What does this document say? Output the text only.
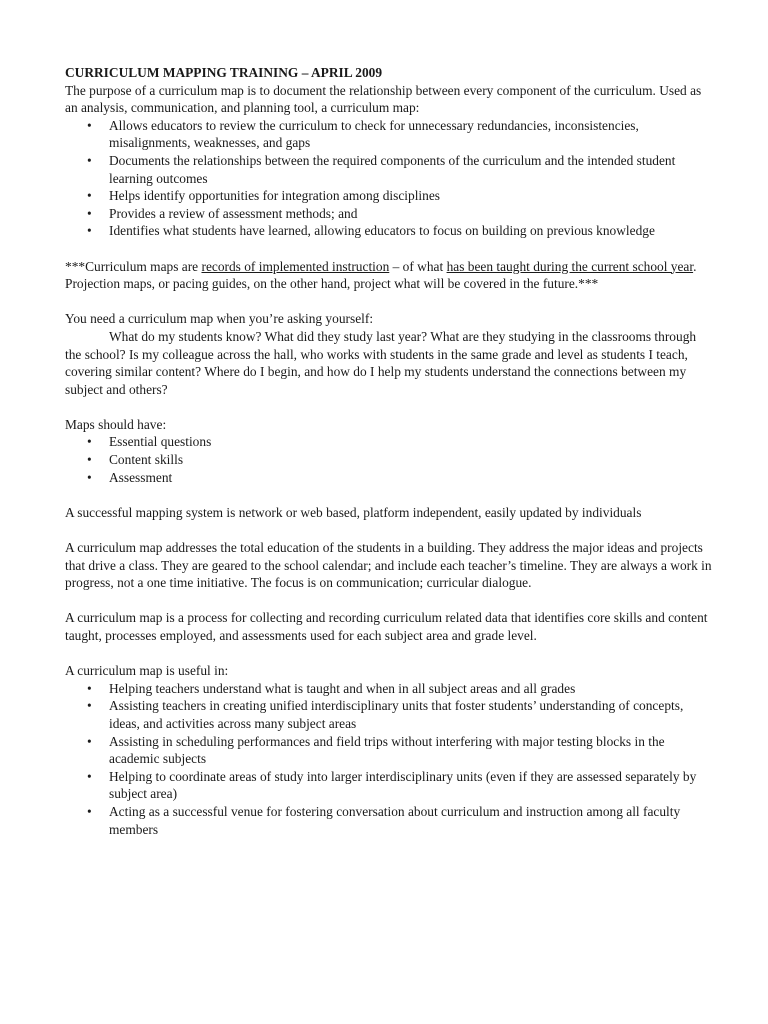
CURRICULUM MAPPING TRAINING – APRIL 2009

The purpose of a curriculum map is to document the relationship between every component of the curriculum. Used as an analysis, communication, and planning tool, a curriculum map:

• Allows educators to review the curriculum to check for unnecessary redundancies, inconsistencies, misalignments, weaknesses, and gaps
• Documents the relationships between the required components of the curriculum and the intended student learning outcomes
• Helps identify opportunities for integration among disciplines
• Provides a review of assessment methods; and
• Identifies what students have learned, allowing educators to focus on building on previous knowledge

***Curriculum maps are records of implemented instruction – of what has been taught during the current school year. Projection maps, or pacing guides, on the other hand, project what will be covered in the future.***

You need a curriculum map when you’re asking yourself:

What do my students know? What did they study last year? What are they studying in the classrooms through the school? Is my colleague across the hall, who works with students in the same grade and level as students I teach, covering similar content? Where do I begin, and how do I help my students understand the connections between my subject and others?

Maps should have:

• Essential questions
• Content skills
• Assessment

A successful mapping system is network or web based, platform independent, easily updated by individuals

A curriculum map addresses the total education of the students in a building. They address the major ideas and projects that drive a class. They are geared to the school calendar; and include each teacher’s timeline. They are always a work in progress, not a one time initiative. The focus is on communication; curricular dialogue.

A curriculum map is a process for collecting and recording curriculum related data that identifies core skills and content taught, processes employed, and assessments used for each subject area and grade level.

A curriculum map is useful in:

• Helping teachers understand what is taught and when in all subject areas and all grades
• Assisting teachers in creating unified interdisciplinary units that foster students’ understanding of concepts, ideas, and activities across many subject areas
• Assisting in scheduling performances and field trips without interfering with major testing blocks in the academic subjects
• Helping to coordinate areas of study into larger interdisciplinary units (even if they are assessed separately by subject area)
• Acting as a successful venue for fostering conversation about curriculum and instruction among all faculty members
